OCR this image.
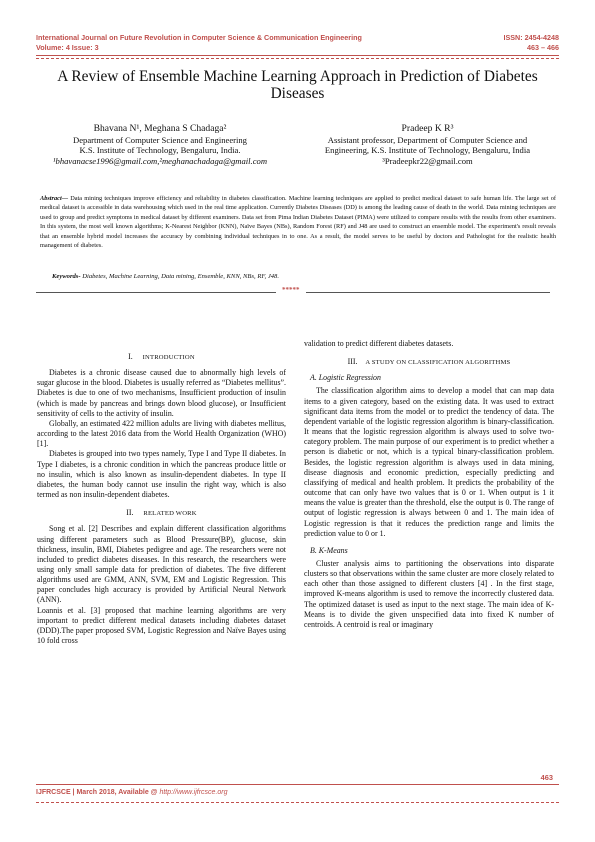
International Journal on Future Revolution in Computer Science & Communication Engineering	ISSN: 2454-4248
Volume: 4 Issue: 3	463 – 466
A Review of Ensemble Machine Learning Approach in Prediction of Diabetes Diseases
Bhavana N¹, Meghana S Chadaga²
Department of Computer Science and Engineering
K.S. Institute of Technology, Bengaluru, India.
¹bhavanacse1996@gmail.com,²meghanachadaga@gmail.com
Pradeep K R³
Assistant professor, Department of Computer Science and
Engineering, K.S. Institute of Technology, Bengaluru, India
³Pradeepkr22@gmail.com
Abstract— Data mining techniques improve efficiency and reliability in diabetes classification. Machine learning techniques are applied to predict medical dataset to safe human life. The large set of medical dataset is accessible in data warehousing which used in the real time application. Currently Diabetes Diseases (DD) is among the leading cause of death in the world. Data mining techniques are used to group and predict symptoms in medical dataset by different examiners. Data set from Pima Indian Diabetes Dataset (PIMA) were utilized to compare results with the results from other examiners. In this system, the most well known algorithms; K-Nearest Neighbor (KNN), Naïve Bayes (NBs), Random Forest (RF) and J48 are used to construct an ensemble model. The experiment's result reveals that an ensemble hybrid model increases the accuracy by combining individual techniques in to one. As a result, the model serves to be useful by doctors and Pathologist for the realistic health management of diabetes.
Keywords- Diabetes, Machine Learning, Data mining, Ensemble, KNN, NBs, RF, J48.
*****
I. INTRODUCTION

Diabetes is a chronic disease caused due to abnormally high levels of sugar glucose in the blood. Diabetes is usually referred as “Diabetes mellitus”. Diabetes is due to one of two mechanisms, Insufficient production of insulin (which is made by pancreas and brings down blood glucose), or Insufficient sensitivity of cells to the activity of insulin.

Globally, an estimated 422 million adults are living with diabetes mellitus, according to the latest 2016 data from the World Health Organization (WHO) [1].

Diabetes is grouped into two types namely, Type I and Type II diabetes. In Type I diabetes, is a chronic condition in which the pancreas produce little or no insulin, which is also known as insulin-dependent diabetes. In type II diabetes, the human body cannot use insulin the right way, which is also termed as non insulin-dependent diabetes.

II. RELATED WORK

Song et al. [2] Describes and explain different classification algorithms using different parameters such as Blood Pressure(BP), glucose, skin thickness, insulin, BMI, Diabetes pedigree and age. The researchers were not included to predict diabetes diseases. In this research, the researchers were using only small sample data for prediction of diabetes. The five different algorithms used are GMM, ANN, SVM, EM and Logistic Regression. This paper concludes high accuracy is provided by Artificial Neural Network (ANN).

Loannis et al. [3] proposed that machine learning algorithms are very important to predict different medical datasets including diabetes dataset (DDD).The paper proposed SVM, Logistic Regression and Naïve Bayes using 10 fold cross

validation to predict different diabetes datasets.

III. A STUDY ON CLASSIFICATION ALGORITHMS
A. Logistic Regression

The classification algorithm aims to develop a model that can map data items to a given category, based on the existing data. It was used to extract significant data items from the model or to predict the tendency of data. The dependent variable of the logistic regression algorithm is binary-classification. It means that the logistic regression algorithm is always used to solve two-category problem. The main purpose of our experiment is to predict whether a person is diabetic or not, which is a typical binary-classification problem. Besides, the logistic regression algorithm is always used in data mining, disease diagnosis and economic prediction, especially predicting and classifying of medical and health problem. It predicts the probability of the outcome that can only have two values that is 0 or 1. When output is 1 it means the value is greater than the threshold, else the output is 0. The range of output of logistic regression is always between 0 and 1. The main idea of Logistic regression is that it reduces the prediction range and limits the prediction value to 0 or 1.

B. K-Means

Cluster analysis aims to partitioning the observations into disparate clusters so that observations within the same cluster are more closely related to each other than those assigned to different clusters [4] . In the first stage, improved K-means algorithm is used to remove the incorrectly clustered data. The optimized dataset is used as input to the next stage. The main idea of K-Means is to divide the given unspecified data into fixed K number of centroids. A centroid is real or imaginary

463
IJFRCSCE | March 2018, Available @ http://www.ijfrcsce.org
